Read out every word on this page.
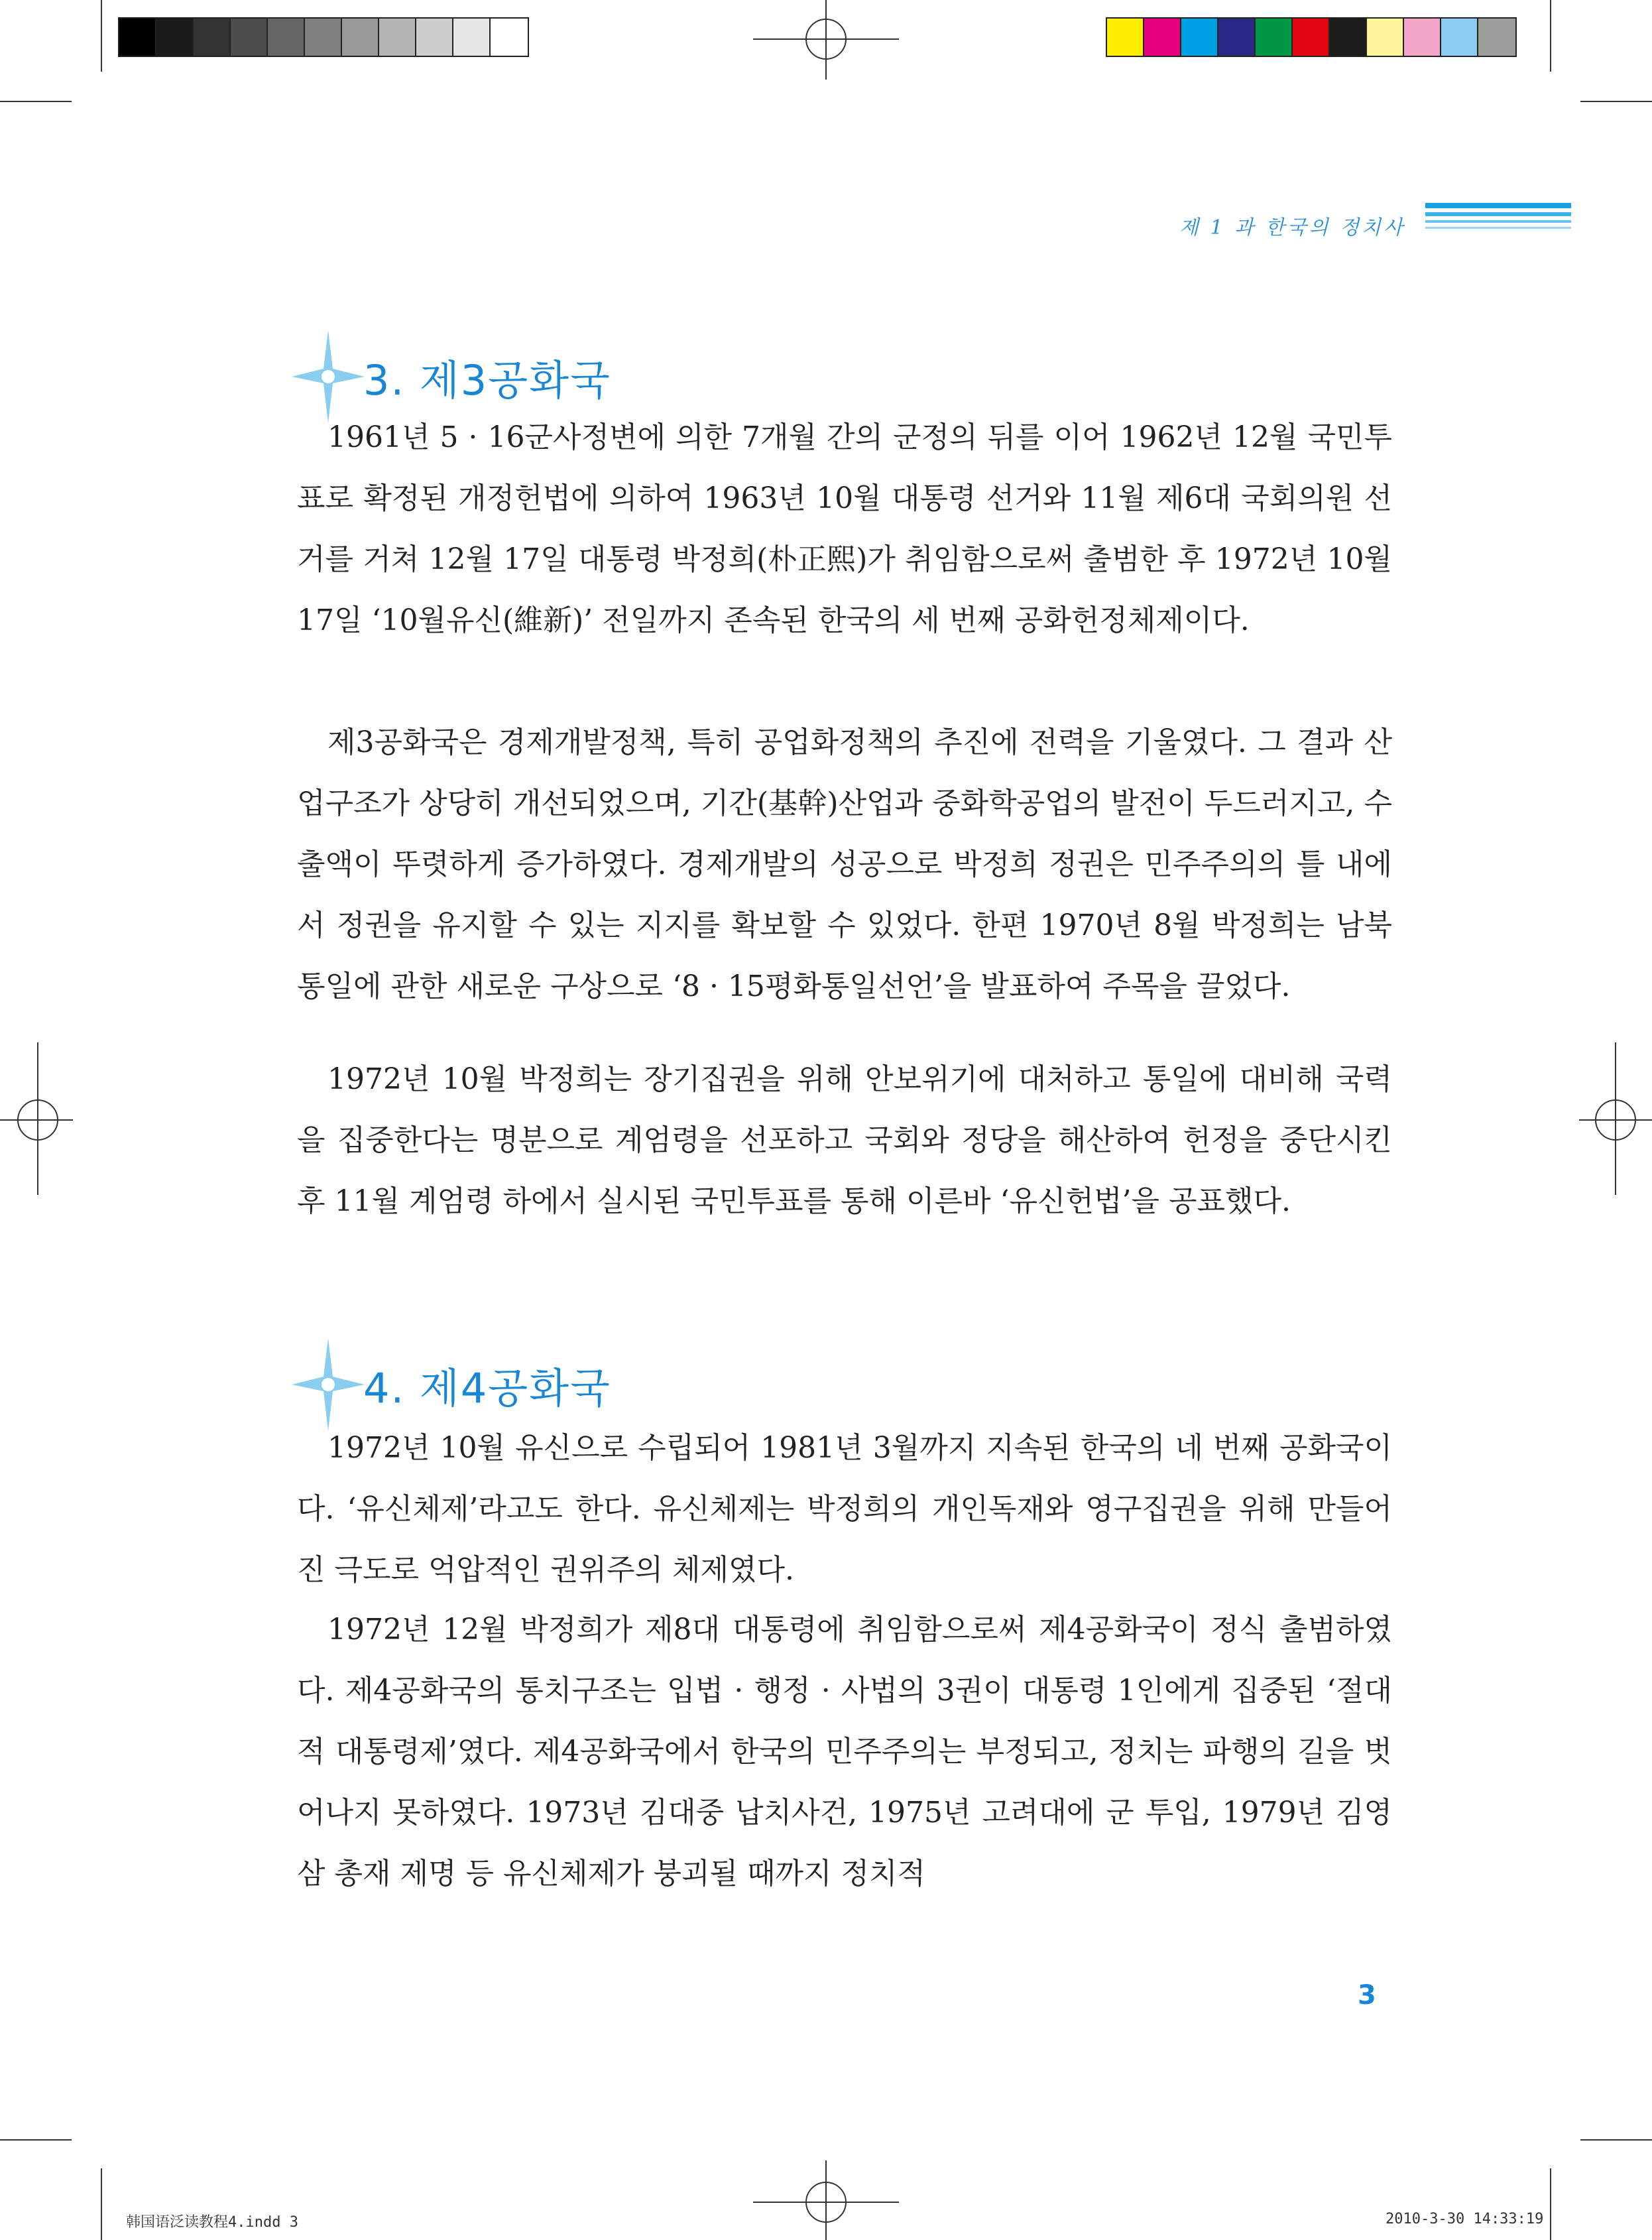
제 1 과 한국의 정치사
3. 제3공화국

1961년 5 · 16군사정변에 의한 7개월 간의 군정의 뒤를 이어 1962년 12월 국민투표로 확정된 개정헌법에 의하여 1963년 10월 대통령 선거와 11월 제6대 국회의원 선거를 거쳐 12월 17일 대통령 박정희(朴正熙)가 취임함으로써 출범한 후 1972년 10월 17일 ‘10월유신(維新)’ 전일까지 존속된 한국의 세 번째 공화헌정체제이다.

제3공화국은 경제개발정책, 특히 공업화정책의 추진에 전력을 기울였다. 그 결과 산업구조가 상당히 개선되었으며, 기간(基幹)산업과 중화학공업의 발전이 두드러지고, 수출액이 뚜렷하게 증가하였다. 경제개발의 성공으로 박정희 정권은 민주주의의 틀 내에서 정권을 유지할 수 있는 지지를 확보할 수 있었다. 한편 1970년 8월 박정희는 남북통일에 관한 새로운 구상으로 ‘8 · 15평화통일선언’을 발표하여 주목을 끌었다.

1972년 10월 박정희는 장기집권을 위해 안보위기에 대처하고 통일에 대비해 국력을 집중한다는 명분으로 계엄령을 선포하고 국회와 정당을 해산하여 헌정을 중단시킨 후 11월 계엄령 하에서 실시된 국민투표를 통해 이른바 ‘유신헌법’을 공표했다.

4. 제4공화국

1972년 10월 유신으로 수립되어 1981년 3월까지 지속된 한국의 네 번째 공화국이다. ‘유신체제’라고도 한다. 유신체제는 박정희의 개인독재와 영구집권을 위해 만들어진 극도로 억압적인 권위주의 체제였다.

1972년 12월 박정희가 제8대 대통령에 취임함으로써 제4공화국이 정식 출범하였다. 제4공화국의 통치구조는 입법 · 행정 · 사법의 3권이 대통령 1인에게 집중된 ‘절대적 대통령제’였다. 제4공화국에서 한국의 민주주의는 부정되고, 정치는 파행의 길을 벗어나지 못하였다. 1973년 김대중 납치사건, 1975년 고려대에 군 투입, 1979년 김영삼 총재 제명 등 유신체제가 붕괴될 때까지 정치적

3
韩国语泛读教程4.indd 3	2010-3-30 14:33:19
